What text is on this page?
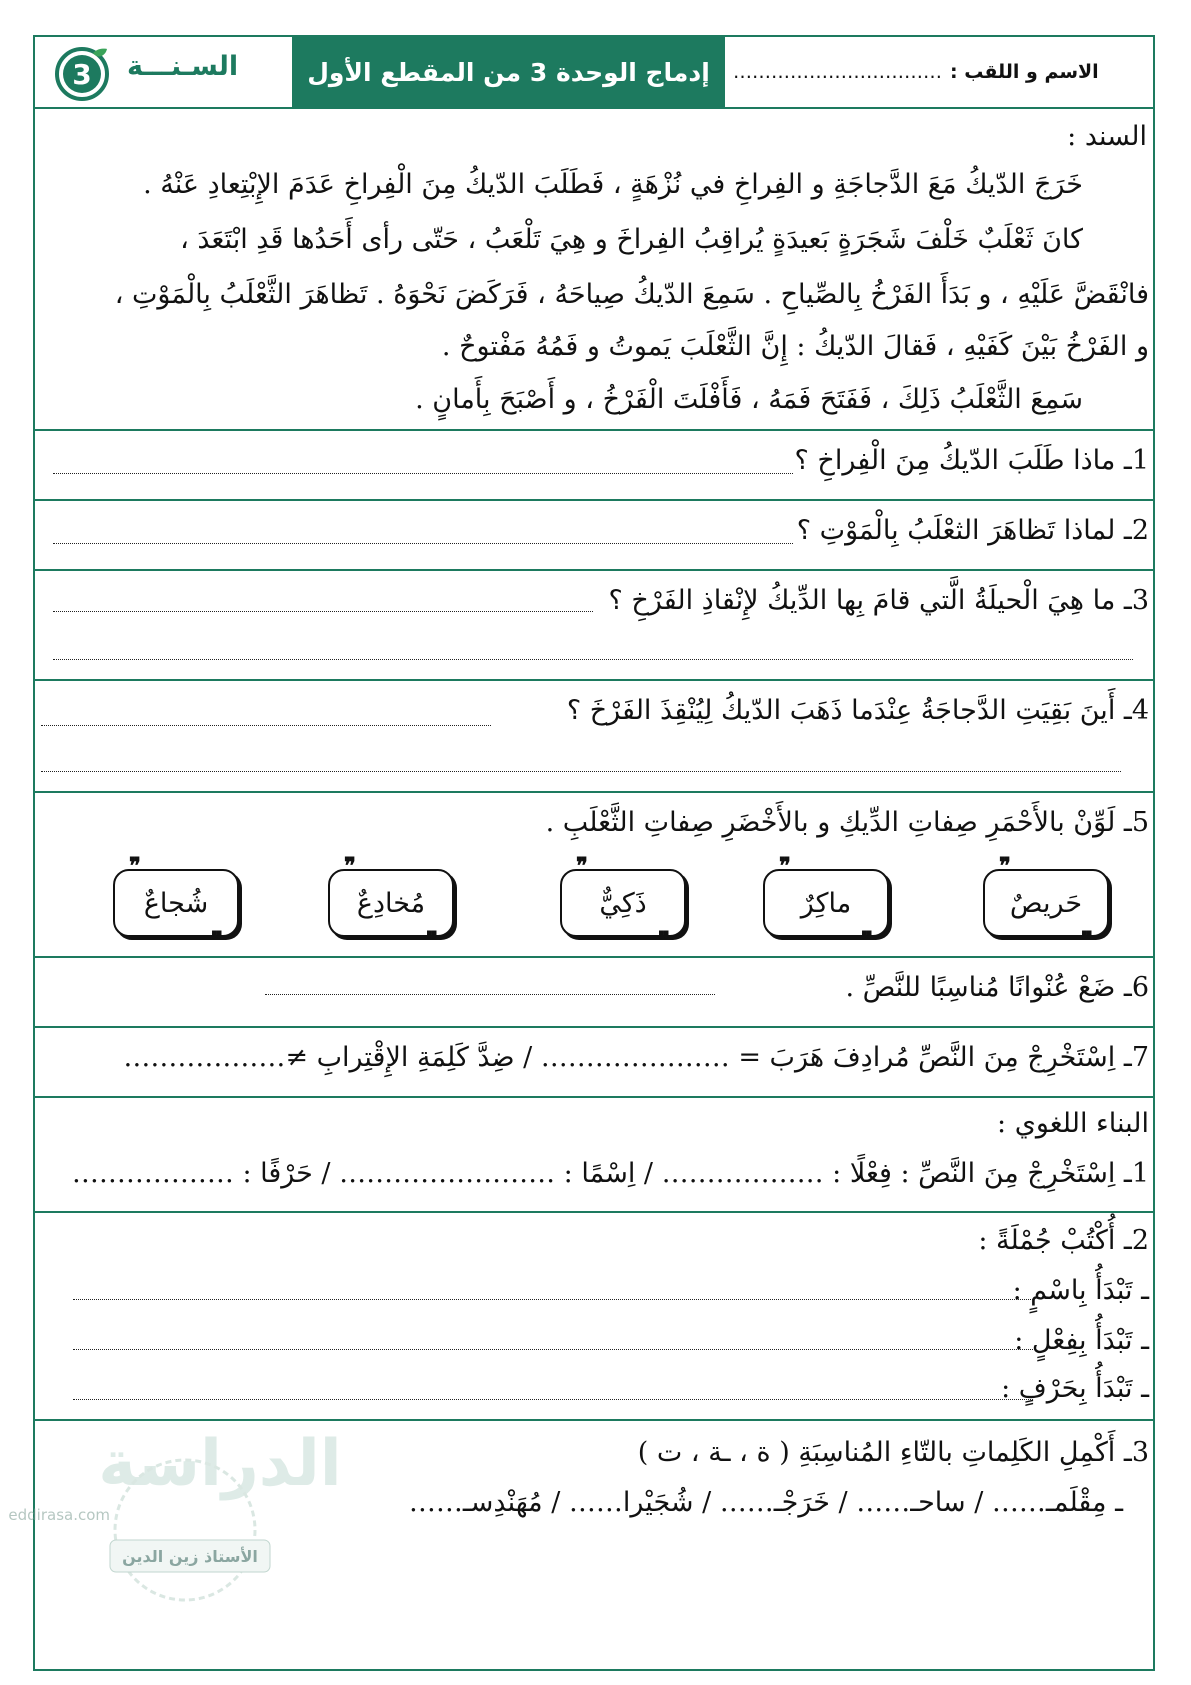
الاسم و اللقب :
……………………………
إدماج الوحدة 3 من المقطع الأول
السـنـــة
3
السند :
خَرَجَ الدّيكُ مَعَ الدَّجاجَةِ و الفِراخِ في نُزْهَةٍ ، فَطَلَبَ الدّيكُ مِنَ الْفِراخِ عَدَمَ الإِبْتِعادِ عَنْهُ .
كانَ ثَعْلَبٌ خَلْفَ شَجَرَةٍ بَعيدَةٍ يُراقِبُ الفِراخَ و هِيَ تَلْعَبُ ، حَتّى رأى أَحَدُها قَدِ ابْتَعَدَ ،
فانْقَضَّ عَلَيْهِ ، و بَدَأَ الفَرْخُ بِالصِّياحِ . سَمِعَ الدّيكُ صِياحَهُ ، فَرَكَضَ نَحْوَهُ . تَظاهَرَ الثَّعْلَبُ بِالْمَوْتِ ،
و الفَرْخُ بَيْنَ كَفَيْهِ ، فَقالَ الدّيكُ : إِنَّ الثَّعْلَبَ يَموتُ و فَمُهُ مَفْتوحٌ .
سَمِعَ الثَّعْلَبُ ذَلِكَ ، فَفَتَحَ فَمَهُ ، فَأَفْلَتَ الْفَرْخُ ، و أَصْبَحَ بِأَمانٍ .
1ـ ماذا طَلَبَ الدّيكُ مِنَ الْفِراخِ ؟
2ـ لماذا تَظاهَرَ الثعْلَبُ بِالْمَوْتِ ؟
3ـ ما هِيَ الْحيلَةُ الَّتي قامَ بِها الدِّيكُ لإِنْقاذِ الفَرْخِ ؟
4ـ أَينَ بَقِيَتِ الدَّجاجَةُ عِنْدَما ذَهَبَ الدّيكُ لِيُنْقِذَ الفَرْخَ ؟
5ـ لَوِّنْ بالأَحْمَرِ صِفاتِ الدِّيكِ و بالأَخْضَرِ صِفاتِ الثَّعْلَبِ .
❞
حَريصٌ
❞
❞
ماكِرٌ
❞
❞
ذَكِيٌّ
❞
❞
مُخادِعٌ
❞
❞
شُجاعٌ
❞
6ـ ضَعْ عُنْوانًا مُناسِبًا للنَّصِّ .
7ـ اِسْتَخْرِجْ مِنَ النَّصِّ مُرادِفَ هَرَبَ = ………………… / ضِدَّ كَلِمَةِ الإِقْتِرابِ ≠………………
البناء اللغوي :
1ـ اِسْتَخْرِجْ مِنَ النَّصِّ : فِعْلًا : ……………… / اِسْمًا : …………………… / حَرْفًا : ………………
2ـ أُكْتُبْ جُمْلَةً :
ـ تَبْدَأُ بِاسْمٍ :
ـ تَبْدَأُ بِفِعْلٍ :
ـ تَبْدَأُ بِحَرْفٍ :
3ـ أَكْمِلِ الكَلِماتِ بالتّاءِ المُناسِبَةِ ( ة ، ـة ، ت )
ـ مِقْلَمـ…… / ساحـ…… / خَرَجْـ…… / شُجَيْرا…… / مُهَنْدِسـ……
الدراسة
eddirasa.com
الأستاذ زين الدين
